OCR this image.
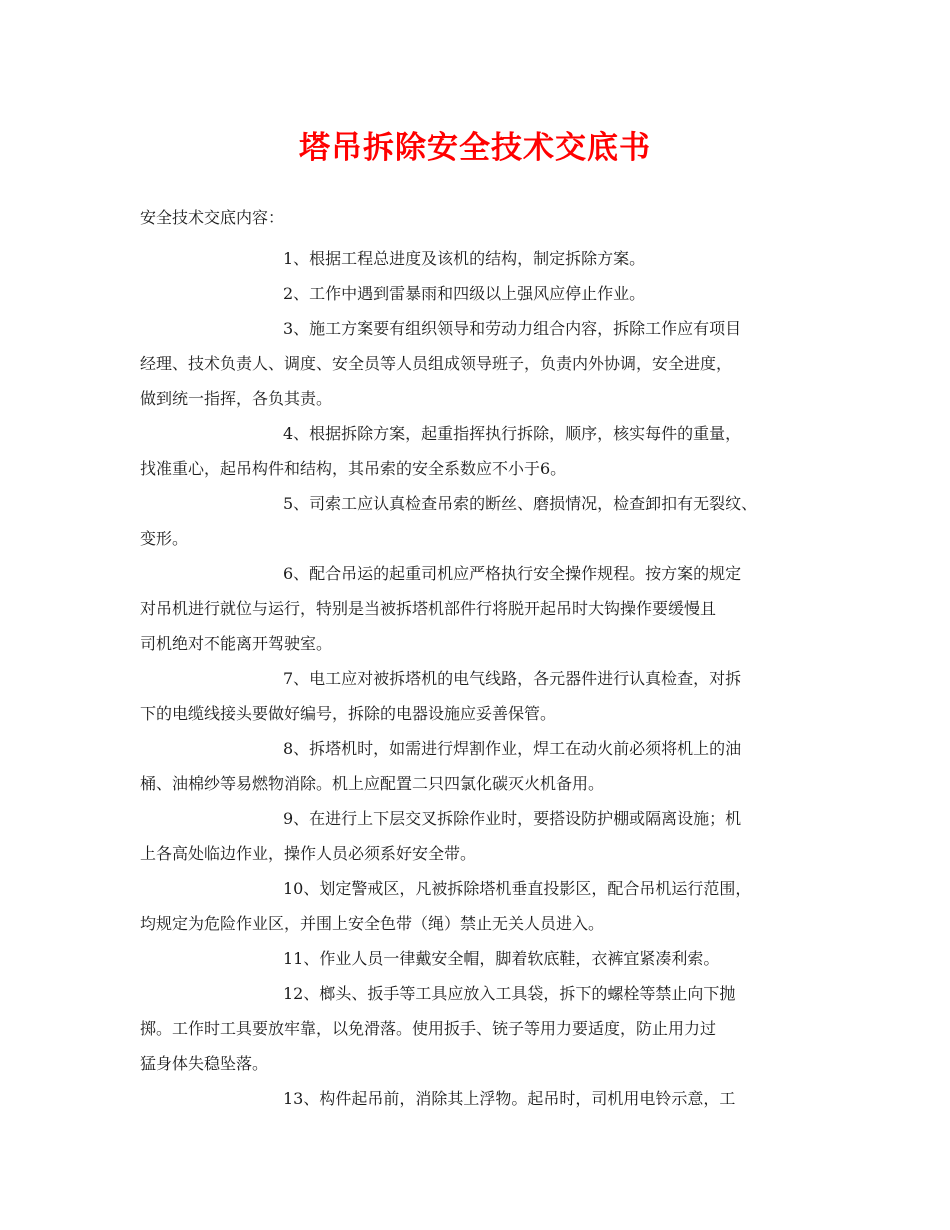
塔吊拆除安全技术交底书
安全技术交底内容：
1、根据工程总进度及该机的结构，制定拆除方案。
2、工作中遇到雷暴雨和四级以上强风应停止作业。
3、施工方案要有组织领导和劳动力组合内容，拆除工作应有项目
经理、技术负责人、调度、安全员等人员组成领导班子，负责内外协调，安全进度，
做到统一指挥，各负其责。
4、根据拆除方案，起重指挥执行拆除，顺序，核实每件的重量，
找准重心，起吊构件和结构，其吊索的安全系数应不小于6。
5、司索工应认真检查吊索的断丝、磨损情况，检查卸扣有无裂纹、
变形。
6、配合吊运的起重司机应严格执行安全操作规程。按方案的规定
对吊机进行就位与运行，特别是当被拆塔机部件行将脱开起吊时大钩操作要缓慢且
司机绝对不能离开驾驶室。
7、电工应对被拆塔机的电气线路，各元器件进行认真检查，对拆
下的电缆线接头要做好编号，拆除的电器设施应妥善保管。
8、拆塔机时，如需进行焊割作业，焊工在动火前必须将机上的油
桶、油棉纱等易燃物消除。机上应配置二只四氯化碳灭火机备用。
9、在进行上下层交叉拆除作业时，要搭设防护棚或隔离设施；机
上各高处临边作业，操作人员必须系好安全带。
10、划定警戒区，凡被拆除塔机垂直投影区，配合吊机运行范围，
均规定为危险作业区，并围上安全色带（绳）禁止无关人员进入。
11、作业人员一律戴安全帽，脚着软底鞋，衣裤宜紧凑利索。
12、榔头、扳手等工具应放入工具袋，拆下的螺栓等禁止向下抛
掷。工作时工具要放牢靠，以免滑落。使用扳手、铳子等用力要适度，防止用力过
猛身体失稳坠落。
13、构件起吊前，消除其上浮物。起吊时，司机用电铃示意，工
